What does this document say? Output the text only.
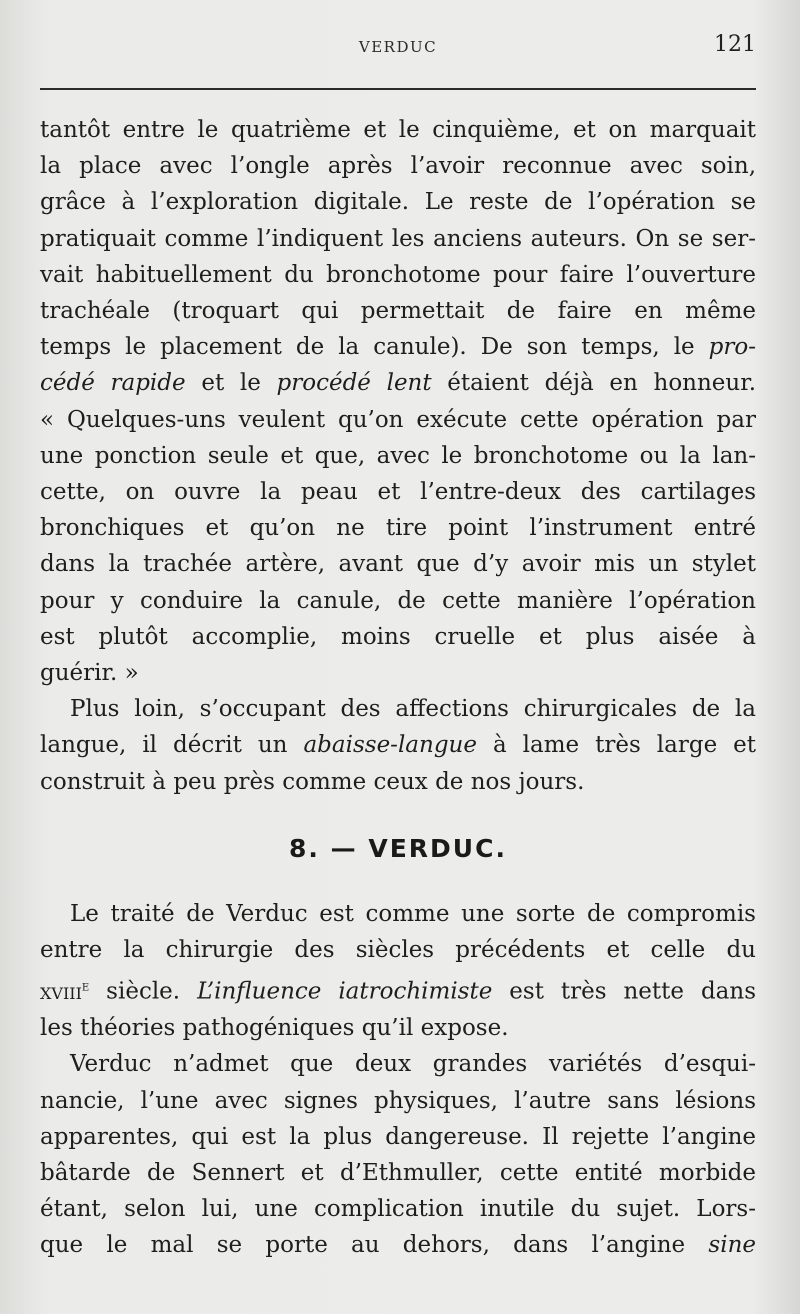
VERDUC	121

tantôt entre le quatrième et le cinquième, et on marquait

la place avec l’ongle après l’avoir reconnue avec soin,

grâce à l’exploration digitale. Le reste de l’opération se

pratiquait comme l’indiquent les anciens auteurs. On se ser-

vait habituellement du bronchotome pour faire l’ouverture

trachéale (troquart qui permettait de faire en même

temps le placement de la canule). De son temps, le pro-

cédé rapide et le procédé lent étaient déjà en honneur.

« Quelques-uns veulent qu’on exécute cette opération par

une ponction seule et que, avec le bronchotome ou la lan-

cette, on ouvre la peau et l’entre-deux des cartilages

bronchiques et qu’on ne tire point l’instrument entré

dans la trachée artère, avant que d’y avoir mis un stylet

pour y conduire la canule, de cette manière l’opération

est plutôt accomplie, moins cruelle et plus aisée à

guérir. »

Plus loin, s’occupant des affections chirurgicales de la

langue, il décrit un abaisse-langue à lame très large et

construit à peu près comme ceux de nos jours.

8. — VERDUC.

Le traité de Verduc est comme une sorte de compromis

entre la chirurgie des siècles précédents et celle du

xviii$^e$ siècle. L’influence iatrochimiste est très nette dans

les théories pathogéniques qu’il expose.

Verduc n’admet que deux grandes variétés d’esqui-

nancie, l’une avec signes physiques, l’autre sans lésions

apparentes, qui est la plus dangereuse. Il rejette l’angine

bâtarde de Sennert et d’Ethmuller, cette entité morbide

étant, selon lui, une complication inutile du sujet. Lors-

que le mal se porte au dehors, dans l’angine sine
